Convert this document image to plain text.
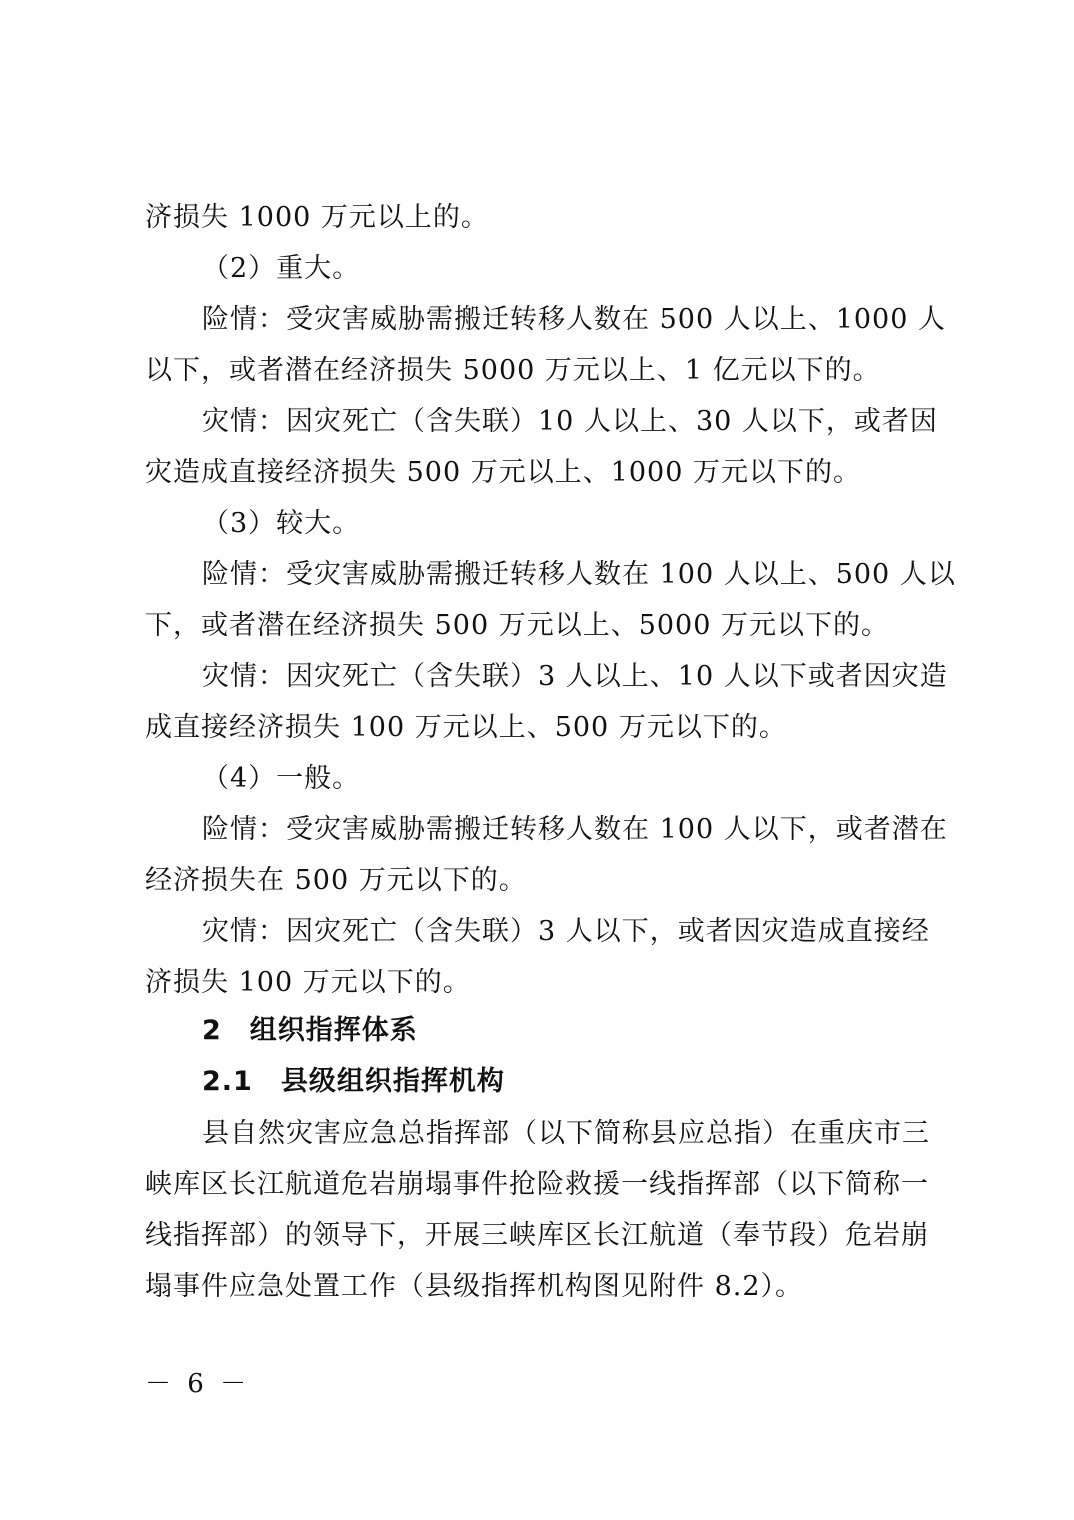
济损失 1000 万元以上的。
（2）重大。
险情：受灾害威胁需搬迁转移人数在 500 人以上、1000 人
以下，或者潜在经济损失 5000 万元以上、1 亿元以下的。
灾情：因灾死亡（含失联）10 人以上、30 人以下，或者因
灾造成直接经济损失 500 万元以上、1000 万元以下的。
（3）较大。
险情：受灾害威胁需搬迁转移人数在 100 人以上、500 人以
下，或者潜在经济损失 500 万元以上、5000 万元以下的。
灾情：因灾死亡（含失联）3 人以上、10 人以下或者因灾造
成直接经济损失 100 万元以上、500 万元以下的。
（4）一般。
险情：受灾害威胁需搬迁转移人数在 100 人以下，或者潜在
经济损失在 500 万元以下的。
灾情：因灾死亡（含失联）3 人以下，或者因灾造成直接经
济损失 100 万元以下的。
2　组织指挥体系
2.1　县级组织指挥机构
县自然灾害应急总指挥部（以下简称县应总指）在重庆市三
峡库区长江航道危岩崩塌事件抢险救援一线指挥部（以下简称一
线指挥部）的领导下，开展三峡库区长江航道（奉节段）危岩崩
塌事件应急处置工作（县级指挥机构图见附件 8.2）。
－ 6 －
